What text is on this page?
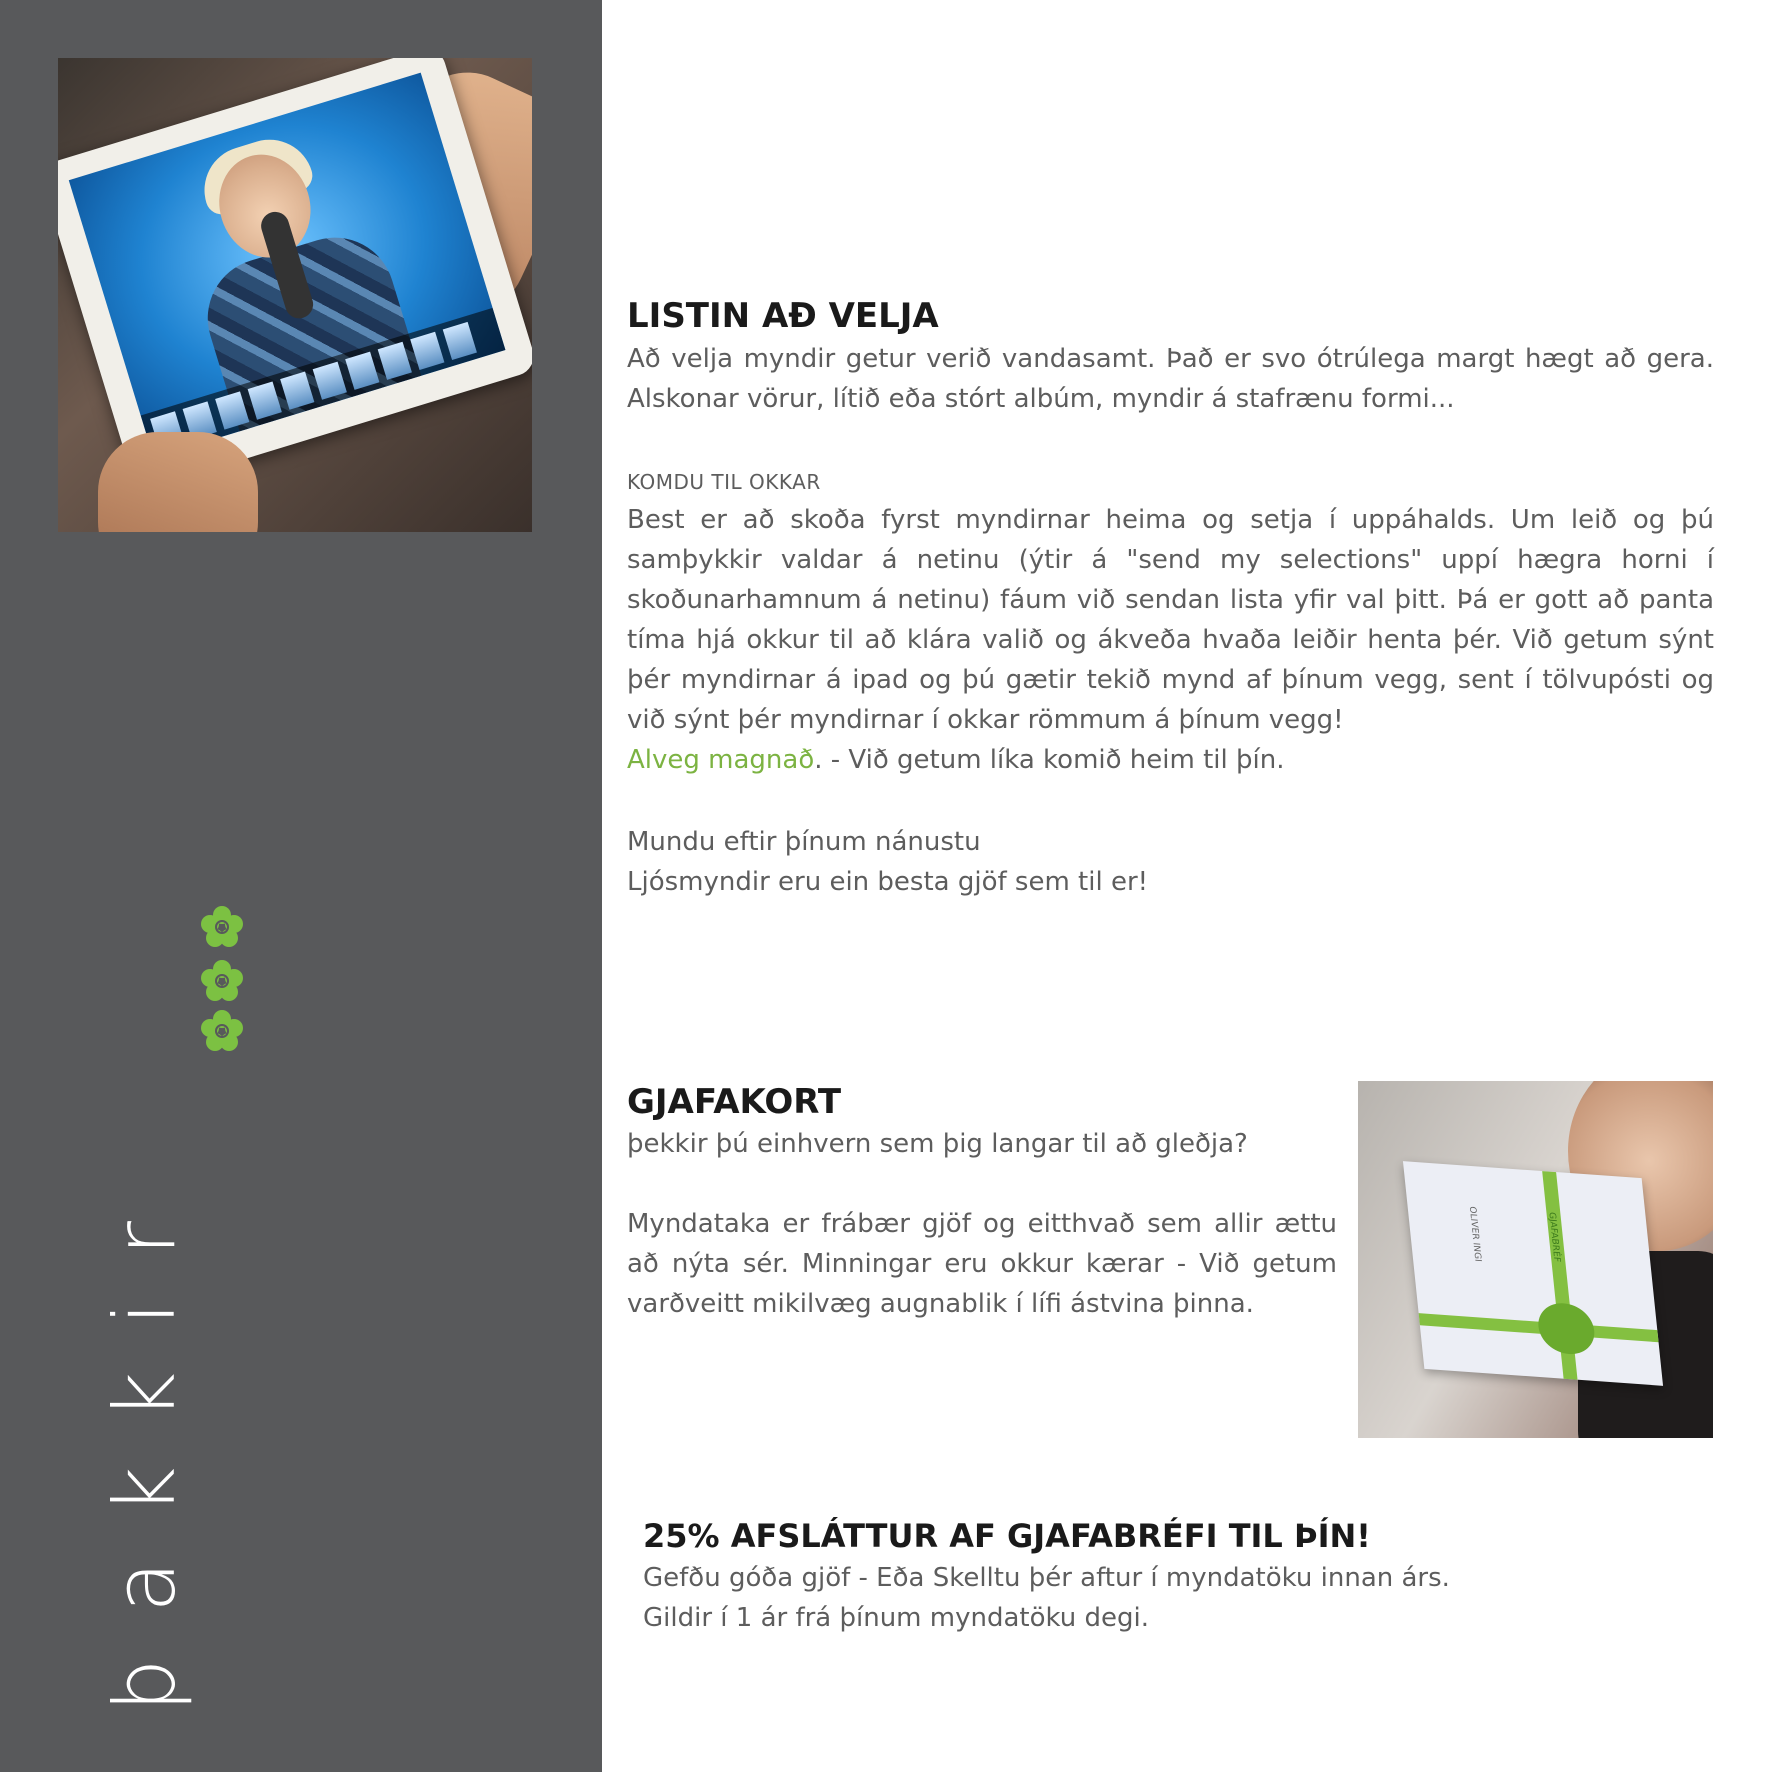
þakkir
LISTIN AÐ VELJA

Að velja myndir getur verið vandasamt. Það er svo ótrúlega margt hægt að gera. Alskonar vörur, lítið eða stórt albúm, myndir á stafrænu formi...

KOMDU TIL OKKAR

Best er að skoða fyrst myndirnar heima og setja í uppáhalds. Um leið og þú samþykkir valdar á netinu (ýtir á "send my selections" uppí hægra horni í skoðunarhamnum á netinu) fáum við sendan lista yfir val þitt. Þá er gott að panta tíma hjá okkur til að klára valið og ákveða hvaða leiðir henta þér. Við getum sýnt þér myndirnar á ipad og þú gætir tekið mynd af þínum vegg, sent í tölvupósti og við sýnt þér myndirnar í okkar römmum á þínum vegg!
Alveg magnað. - Við getum líka komið heim til þín.

Mundu eftir þínum nánustu
Ljósmyndir eru ein besta gjöf sem til er!

GJAFAKORT

þekkir þú einhvern sem þig langar til að gleðja?

Myndataka er frábær gjöf og eitthvað sem allir ættu að nýta sér. Minningar eru okkur kærar - Við getum varðveitt mikilvæg augnablik í lífi ástvina þinna.

GJAFABRÉF
OLIVER INGI
25% AFSLÁTTUR AF GJAFABRÉFI TIL ÞÍN!

Gefðu góða gjöf - Eða Skelltu þér aftur í myndatöku innan árs.
Gildir í 1 ár frá þínum myndatöku degi.
